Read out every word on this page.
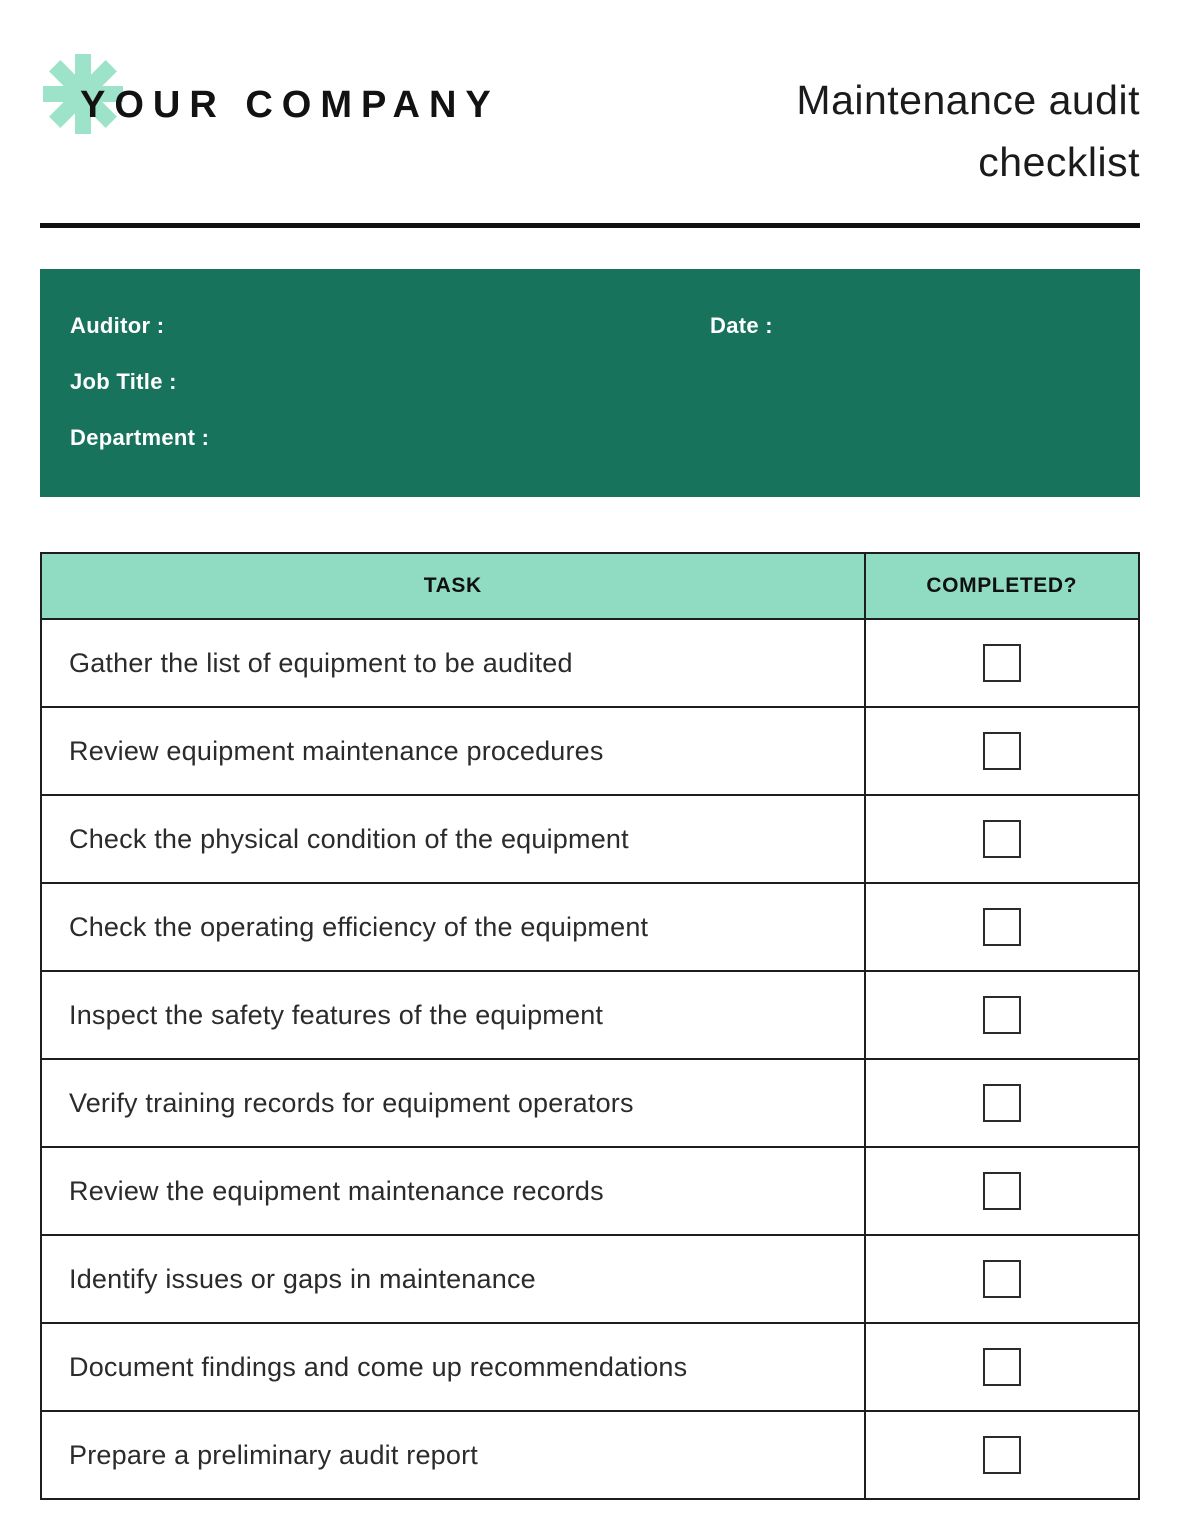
YOUR COMPANY	Maintenance audit checklist
Auditor :	Date :
Job Title :
Department :
TASK	COMPLETED?
Gather the list of equipment to be audited	
Review equipment maintenance procedures	
Check the physical condition of the equipment	
Check the operating efficiency of the equipment	
Inspect the safety features of the equipment	
Verify training records for equipment operators	
Review the equipment maintenance records	
Identify issues or gaps in maintenance	
Document findings and come up recommendations	
Prepare a preliminary audit report	
